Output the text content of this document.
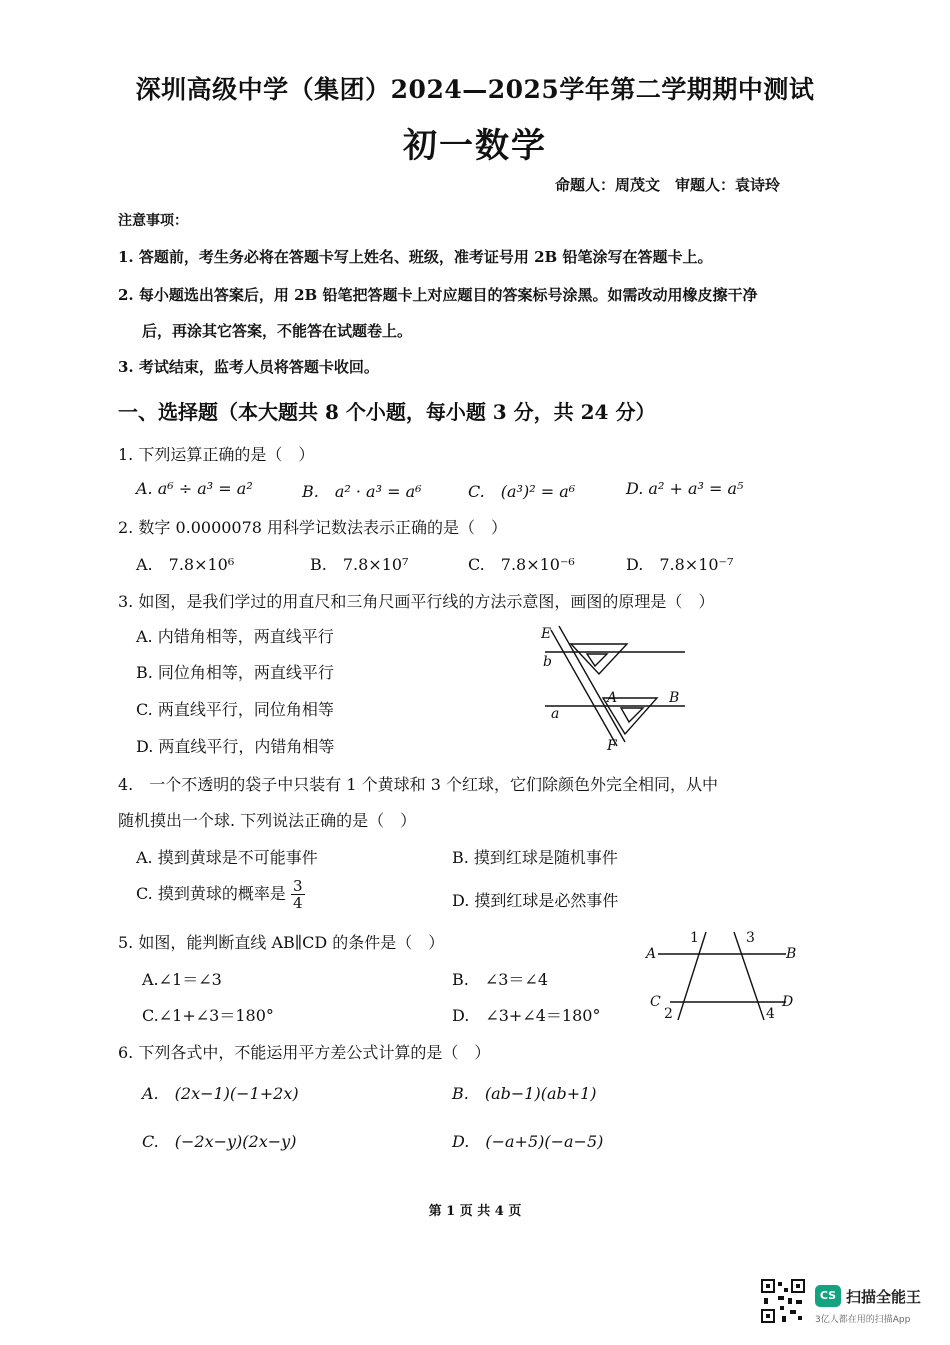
深圳高级中学（集团）2024—2025学年第二学期期中测试
初一数学
命题人：周茂文　审题人：袁诗玲
注意事项：
1. 答题前，考生务必将在答题卡写上姓名、班级，准考证号用 2B 铅笔涂写在答题卡上。
2. 每小题选出答案后，用 2B 铅笔把答题卡上对应题目的答案标号涂黑。如需改动用橡皮擦干净
后，再涂其它答案，不能答在试题卷上。
3. 考试结束，监考人员将答题卡收回。
一、选择题（本大题共 8 个小题，每小题 3 分，共 24 分）
1. 下列运算正确的是（　）
A. a⁶ ÷ a³ = a²	B.　a² · a³ = a⁶	C.　(a³)² = a⁶	D. a² + a³ = a⁵
2. 数字 0.0000078 用科学记数法表示正确的是（　）
A.　7.8×10⁶	B.　7.8×10⁷	C.　7.8×10⁻⁶	D.　7.8×10⁻⁷
3. 如图，是我们学过的用直尺和三角尺画平行线的方法示意图，画图的原理是（　）
A. 内错角相等，两直线平行
B. 同位角相等，两直线平行
C. 两直线平行，同位角相等
D. 两直线平行，内错角相等
E
b
A	B
a
F
4.　一个不透明的袋子中只装有 1 个黄球和 3 个红球，它们除颜色外完全相同，从中
随机摸出一个球. 下列说法正确的是（　）
A. 摸到黄球是不可能事件	B. 摸到红球是随机事件
C. 摸到黄球的概率是 $\frac{3}{4}$	D. 摸到红球是必然事件
5. 如图，能判断直线 AB∥CD 的条件是（　）
A.∠1＝∠3	B.　∠3＝∠4
C.∠1+∠3＝180°	D.　∠3+∠4＝180°
1	3
A	B
C	D
2	4
6. 下列各式中，不能运用平方差公式计算的是（　）
A.　(2x−1)(−1+2x)	B.　(ab−1)(ab+1)
C.　(−2x−y)(2x−y)	D.　(−a+5)(−a−5)
第 1 页 共 4 页
CS 扫描全能王
3亿人都在用的扫描App
